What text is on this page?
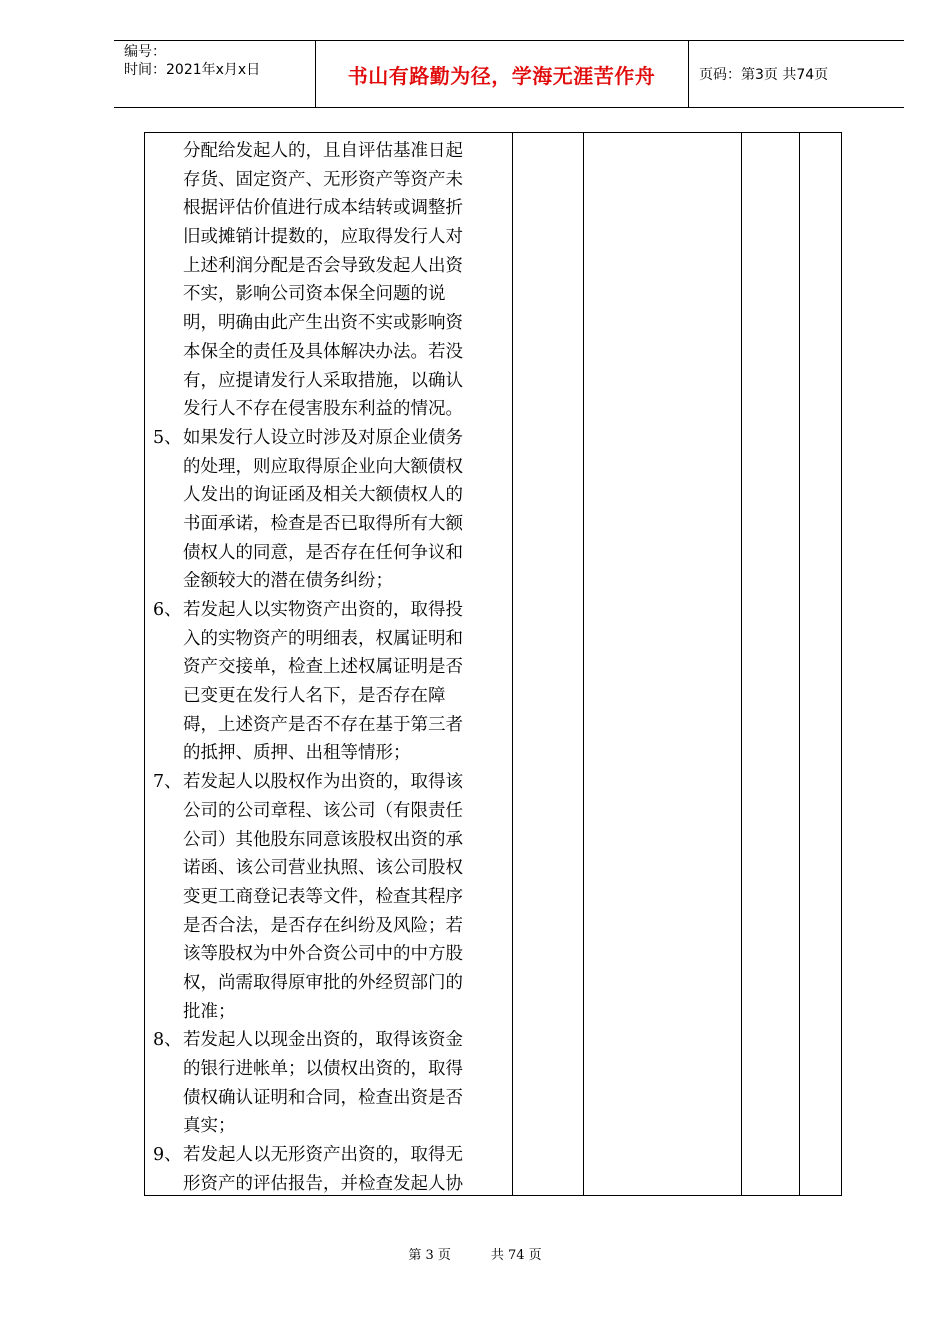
编号：
时间：2021年x月x日	书山有路勤为径，学海无涯苦作舟	页码：第3页 共74页
分配给发起人的，且自评估基准日起
存货、固定资产、无形资产等资产未
根据评估价值进行成本结转或调整折
旧或摊销计提数的，应取得发行人对
上述利润分配是否会导致发起人出资
不实，影响公司资本保全问题的说
明，明确由此产生出资不实或影响资
本保全的责任及具体解决办法。若没
有，应提请发行人采取措施，以确认
发行人不存在侵害股东利益的情况。
5、如果发行人设立时涉及对原企业债务
的处理，则应取得原企业向大额债权
人发出的询证函及相关大额债权人的
书面承诺，检查是否已取得所有大额
债权人的同意，是否存在任何争议和
金额较大的潜在债务纠纷；
6、若发起人以实物资产出资的，取得投
入的实物资产的明细表，权属证明和
资产交接单，检查上述权属证明是否
已变更在发行人名下，是否存在障
碍，上述资产是否不存在基于第三者
的抵押、质押、出租等情形；
7、若发起人以股权作为出资的，取得该
公司的公司章程、该公司（有限责任
公司）其他股东同意该股权出资的承
诺函、该公司营业执照、该公司股权
变更工商登记表等文件，检查其程序
是否合法，是否存在纠纷及风险；若
该等股权为中外合资公司中的中方股
权，尚需取得原审批的外经贸部门的
批准；
8、若发起人以现金出资的，取得该资金
的银行进帐单；以债权出资的，取得
债权确认证明和合同，检查出资是否
真实；
9、若发起人以无形资产出资的，取得无
形资产的评估报告，并检查发起人协
第 3 页	共 74 页
